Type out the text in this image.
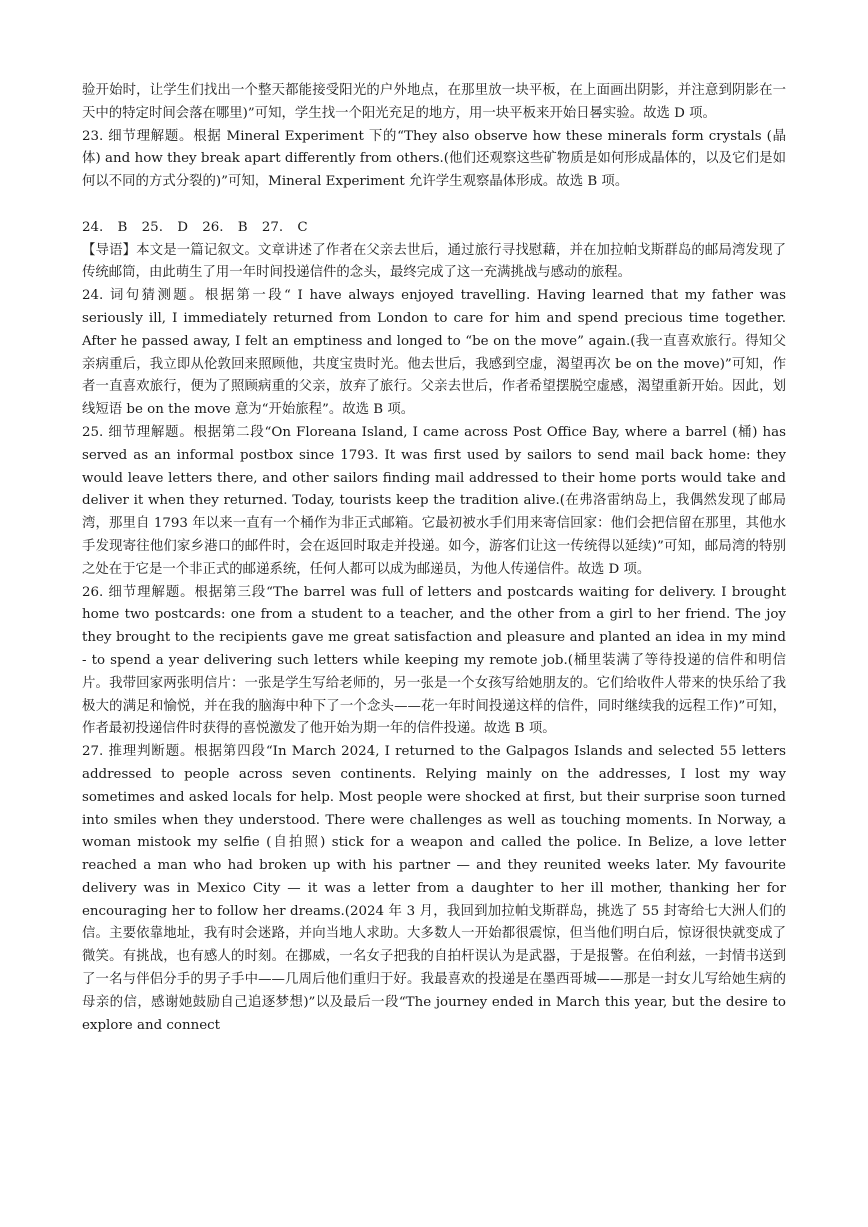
验开始时，让学生们找出一个整天都能接受阳光的户外地点，在那里放一块平板，在上面画出阴影，并注意到阴影在一天中的特定时间会落在哪里)”可知，学生找一个阳光充足的地方，用一块平板来开始日晷实验。故选 D 项。

23. 细节理解题。根据 Mineral Experiment 下的“They also observe how these minerals form crystals (晶体) and how they break apart differently from others.(他们还观察这些矿物质是如何形成晶体的，以及它们是如何以不同的方式分裂的)”可知，Mineral Experiment 允许学生观察晶体形成。故选 B 项。

24. B 25. D 26. B 27. C

【导语】本文是一篇记叙文。文章讲述了作者在父亲去世后，通过旅行寻找慰藉，并在加拉帕戈斯群岛的邮局湾发现了传统邮筒，由此萌生了用一年时间投递信件的念头，最终完成了这一充满挑战与感动的旅程。

24. 词句猜测题。根据第一段“ I have always enjoyed travelling. Having learned that my father was seriously ill, I immediately returned from London to care for him and spend precious time together. After he passed away, I felt an emptiness and longed to “be on the move” again.(我一直喜欢旅行。得知父亲病重后，我立即从伦敦回来照顾他，共度宝贵时光。他去世后，我感到空虚，渴望再次 be on the move)”可知，作者一直喜欢旅行，便为了照顾病重的父亲，放弃了旅行。父亲去世后，作者希望摆脱空虚感，渴望重新开始。因此，划线短语 be on the move 意为“开始旅程”。故选 B 项。

25. 细节理解题。根据第二段“On Floreana Island, I came across Post Office Bay, where a barrel (桶) has served as an informal postbox since 1793. It was first used by sailors to send mail back home: they would leave letters there, and other sailors finding mail addressed to their home ports would take and deliver it when they returned. Today, tourists keep the tradition alive.(在弗洛雷纳岛上，我偶然发现了邮局湾，那里自 1793 年以来一直有一个桶作为非正式邮箱。它最初被水手们用来寄信回家：他们会把信留在那里，其他水手发现寄往他们家乡港口的邮件时，会在返回时取走并投递。如今，游客们让这一传统得以延续)”可知，邮局湾的特别之处在于它是一个非正式的邮递系统，任何人都可以成为邮递员，为他人传递信件。故选 D 项。

26. 细节理解题。根据第三段“The barrel was full of letters and postcards waiting for delivery. I brought home two postcards: one from a student to a teacher, and the other from a girl to her friend. The joy they brought to the recipients gave me great satisfaction and pleasure and planted an idea in my mind - to spend a year delivering such letters while keeping my remote job.(桶里装满了等待投递的信件和明信片。我带回家两张明信片：一张是学生写给老师的，另一张是一个女孩写给她朋友的。它们给收件人带来的快乐给了我极大的满足和愉悦，并在我的脑海中种下了一个念头——花一年时间投递这样的信件，同时继续我的远程工作)”可知，作者最初投递信件时获得的喜悦激发了他开始为期一年的信件投递。故选 B 项。

27. 推理判断题。根据第四段“In March 2024, I returned to the Galpagos Islands and selected 55 letters addressed to people across seven continents. Relying mainly on the addresses, I lost my way sometimes and asked locals for help. Most people were shocked at first, but their surprise soon turned into smiles when they understood. There were challenges as well as touching moments. In Norway, a woman mistook my selfie (自拍照) stick for a weapon and called the police. In Belize, a love letter reached a man who had broken up with his partner — and they reunited weeks later. My favourite delivery was in Mexico City — it was a letter from a daughter to her ill mother, thanking her for encouraging her to follow her dreams.(2024 年 3 月，我回到加拉帕戈斯群岛，挑选了 55 封寄给七大洲人们的信。主要依靠地址，我有时会迷路，并向当地人求助。大多数人一开始都很震惊，但当他们明白后，惊讶很快就变成了微笑。有挑战，也有感人的时刻。在挪威，一名女子把我的自拍杆误认为是武器，于是报警。在伯利兹，一封情书送到了一名与伴侣分手的男子手中——几周后他们重归于好。我最喜欢的投递是在墨西哥城——那是一封女儿写给她生病的母亲的信，感谢她鼓励自己追逐梦想)”以及最后一段“The journey ended in March this year, but the desire to explore and connect
